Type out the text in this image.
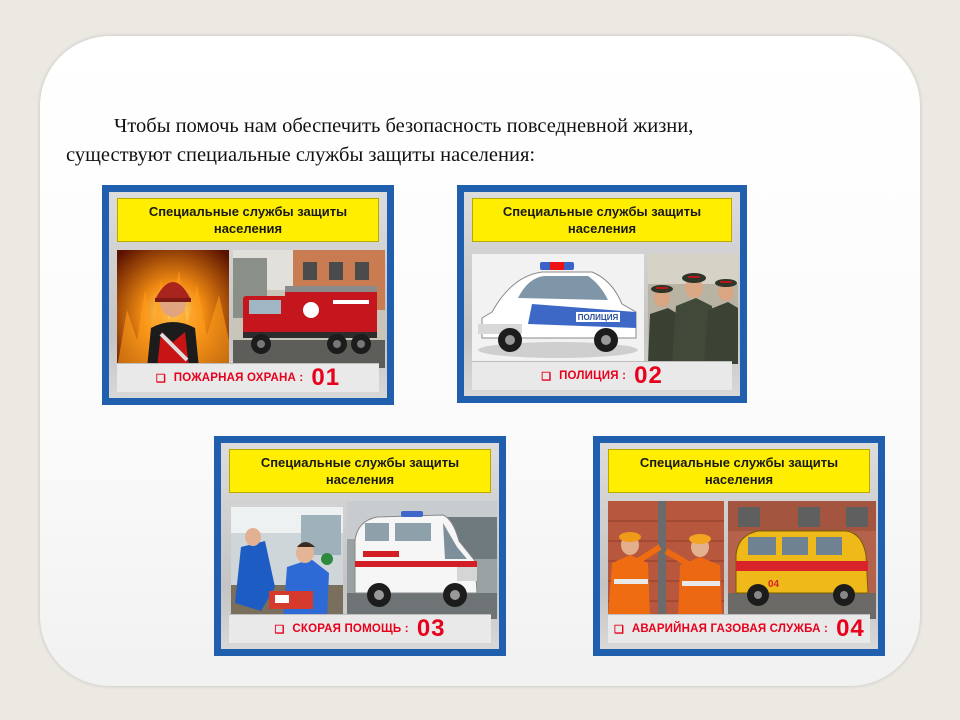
Чтобы помочь нам обеспечить безопасность повседневной жизни,
существуют специальные службы защиты населения:

Специальные службы защиты
населения
❑ ПОЖАРНАЯ ОХРАНА : 01
Специальные службы защиты
населения
ПОЛИЦИЯ
❑ ПОЛИЦИЯ : 02
Специальные службы защиты
населения
❑ СКОРАЯ ПОМОЩЬ : 03
Специальные службы защиты
населения
04
❑ АВАРИЙНАЯ ГАЗОВАЯ СЛУЖБА : 04
